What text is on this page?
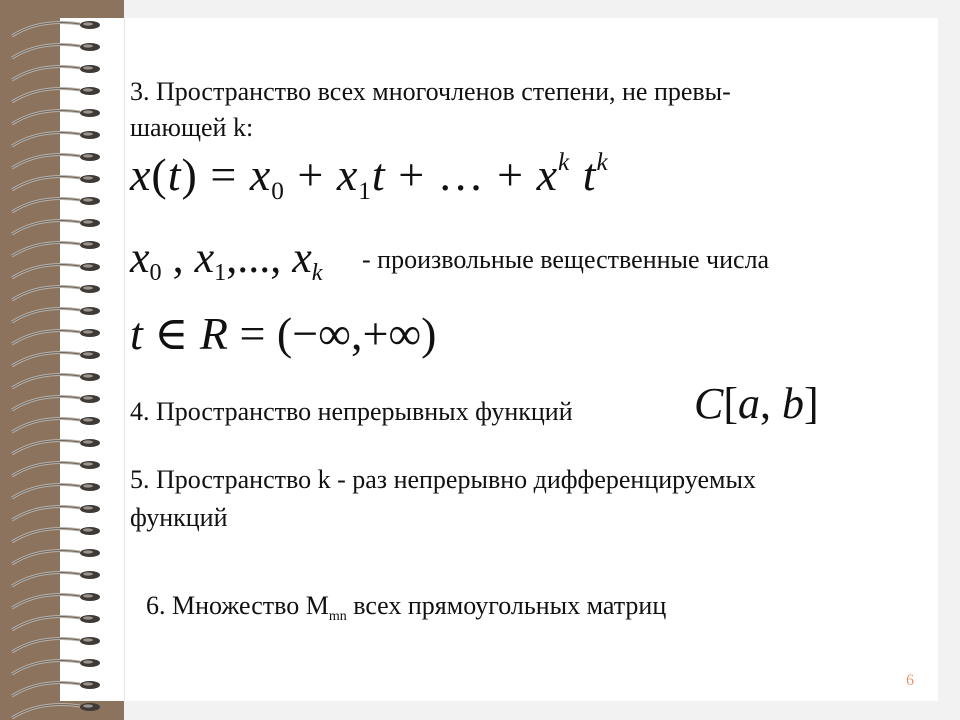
3. Пространство всех многочленов степени, не превы-
шающей k:
x(t) = x0 + x1t + … + $x^k$ $t^k$
x0 , x1,..., xk - произвольные вещественные числа
t ∈ R = (−∞,+∞)
4. Пространство непрерывных функций	C[a, b]
5. Пространство k - раз непрерывно дифференцируемых
функций
6. Множество $М_{mn}$ всех прямоугольных матриц
6
